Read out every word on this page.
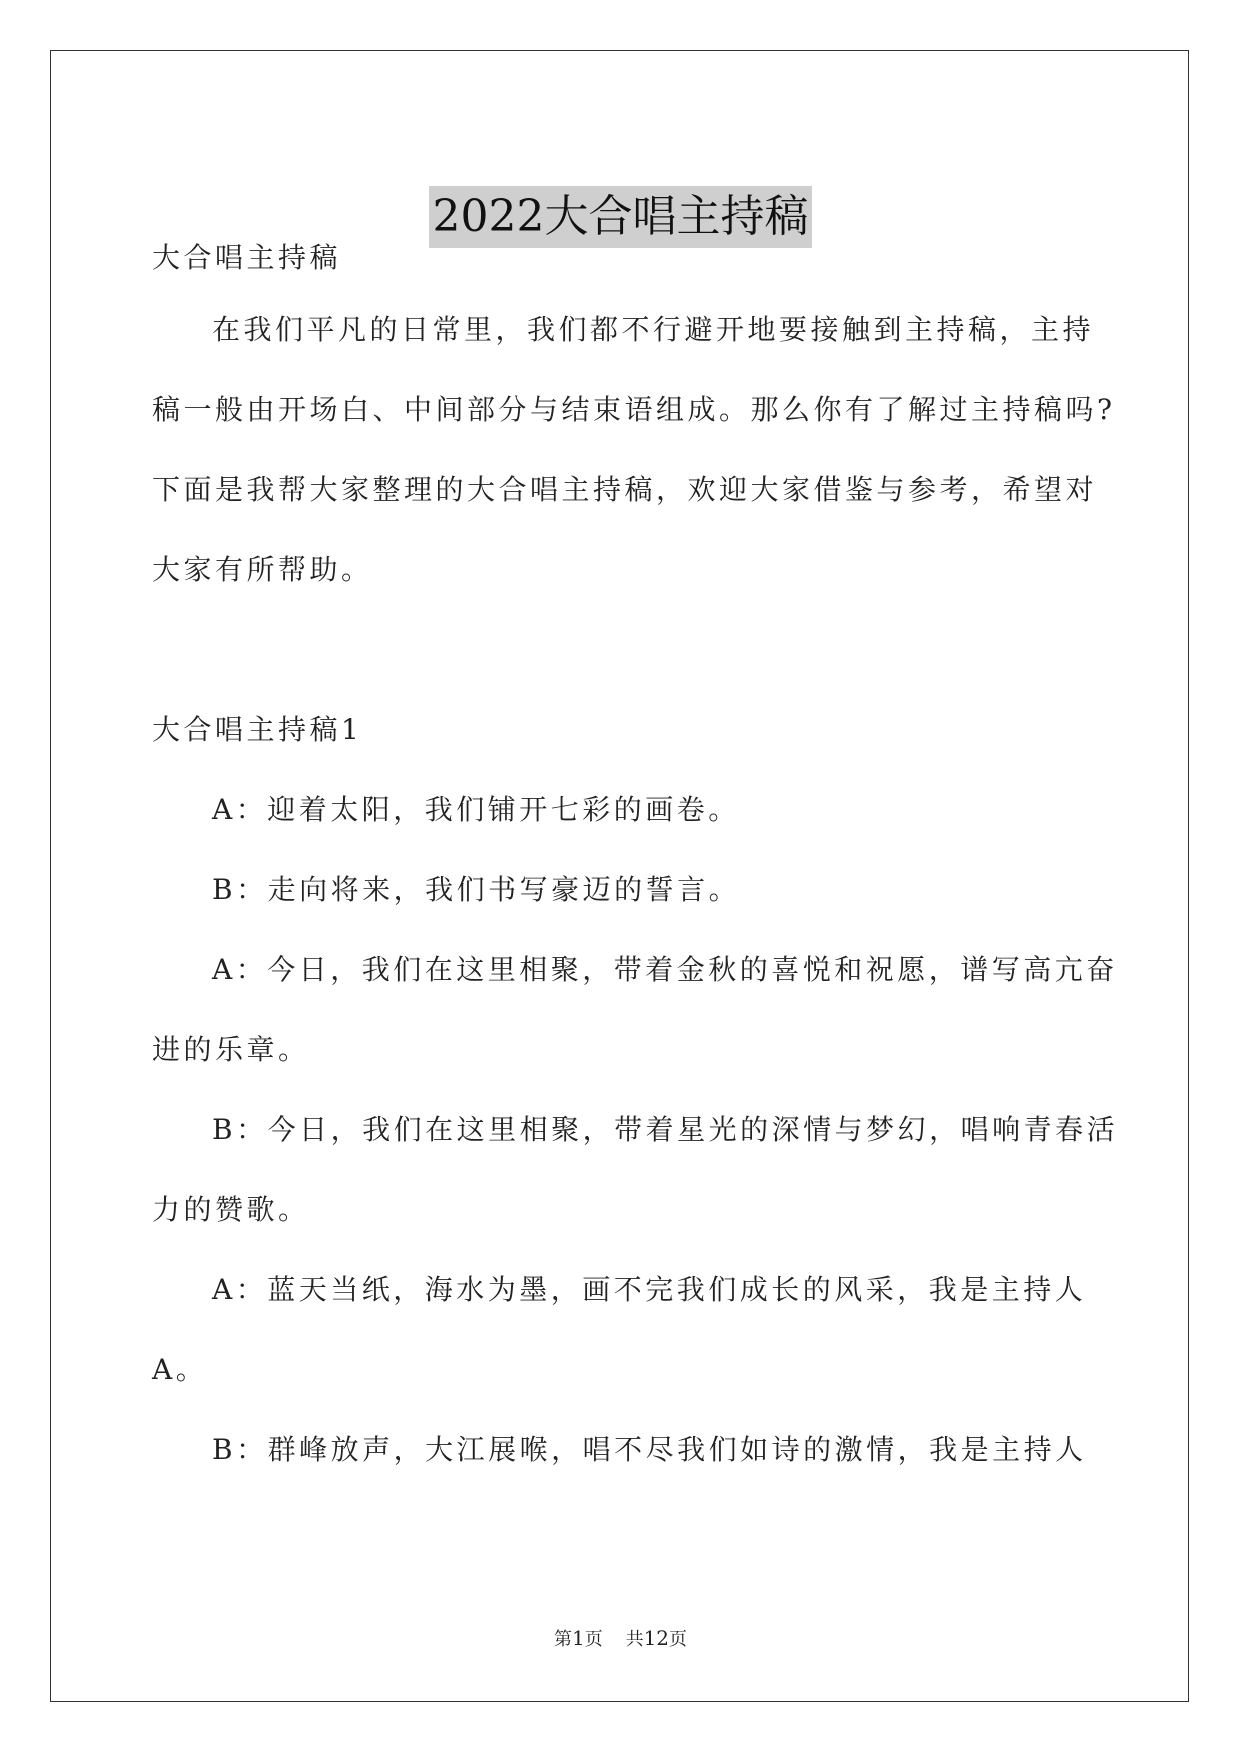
2022大合唱主持稿
大合唱主持稿
在我们平凡的日常里，我们都不行避开地要接触到主持稿，主持
稿一般由开场白、中间部分与结束语组成。那么你有了解过主持稿吗?
下面是我帮大家整理的大合唱主持稿，欢迎大家借鉴与参考，希望对
大家有所帮助。
大合唱主持稿1
A：迎着太阳，我们铺开七彩的画卷。
B：走向将来，我们书写豪迈的誓言。
A：今日，我们在这里相聚，带着金秋的喜悦和祝愿，谱写高亢奋
进的乐章。
B：今日，我们在这里相聚，带着星光的深情与梦幻，唱响青春活
力的赞歌。
A：蓝天当纸，海水为墨，画不完我们成长的风采，我是主持人
A。
B：群峰放声，大江展喉，唱不尽我们如诗的激情，我是主持人
第1页 共12页
